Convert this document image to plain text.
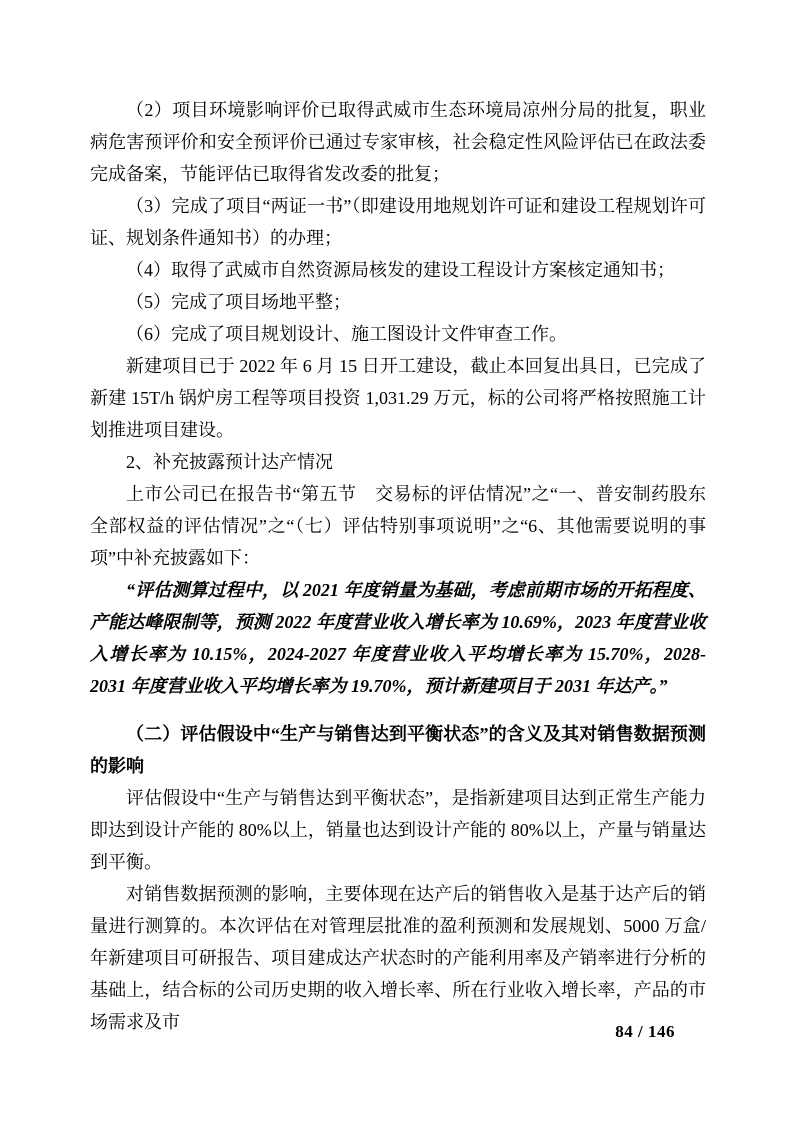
（2）项目环境影响评价已取得武威市生态环境局凉州分局的批复，职业病危害预评价和安全预评价已通过专家审核，社会稳定性风险评估已在政法委完成备案，节能评估已取得省发改委的批复；

（3）完成了项目“两证一书”（即建设用地规划许可证和建设工程规划许可证、规划条件通知书）的办理；

（4）取得了武威市自然资源局核发的建设工程设计方案核定通知书；

（5）完成了项目场地平整；

（6）完成了项目规划设计、施工图设计文件审查工作。

新建项目已于 2022 年 6 月 15 日开工建设，截止本回复出具日，已完成了新建 15T/h 锅炉房工程等项目投资 1,031.29 万元，标的公司将严格按照施工计划推进项目建设。

2、补充披露预计达产情况

上市公司已在报告书“第五节　交易标的评估情况”之“一、普安制药股东全部权益的评估情况”之“（七）评估特别事项说明”之“6、其他需要说明的事项”中补充披露如下：

“评估测算过程中，以 2021 年度销量为基础，考虑前期市场的开拓程度、产能达峰限制等，预测 2022 年度营业收入增长率为 10.69%，2023 年度营业收入增长率为 10.15%，2024-2027 年度营业收入平均增长率为 15.70%，2028-2031 年度营业收入平均增长率为 19.70%，预计新建项目于 2031 年达产。”

（二）评估假设中“生产与销售达到平衡状态”的含义及其对销售数据预测的影响

评估假设中“生产与销售达到平衡状态”，是指新建项目达到正常生产能力即达到设计产能的 80%以上，销量也达到设计产能的 80%以上，产量与销量达到平衡。

对销售数据预测的影响，主要体现在达产后的销售收入是基于达产后的销量进行测算的。本次评估在对管理层批准的盈利预测和发展规划、5000 万盒/年新建项目可研报告、项目建成达产状态时的产能利用率及产销率进行分析的基础上，结合标的公司历史期的收入增长率、所在行业收入增长率，产品的市场需求及市	84 / 146
